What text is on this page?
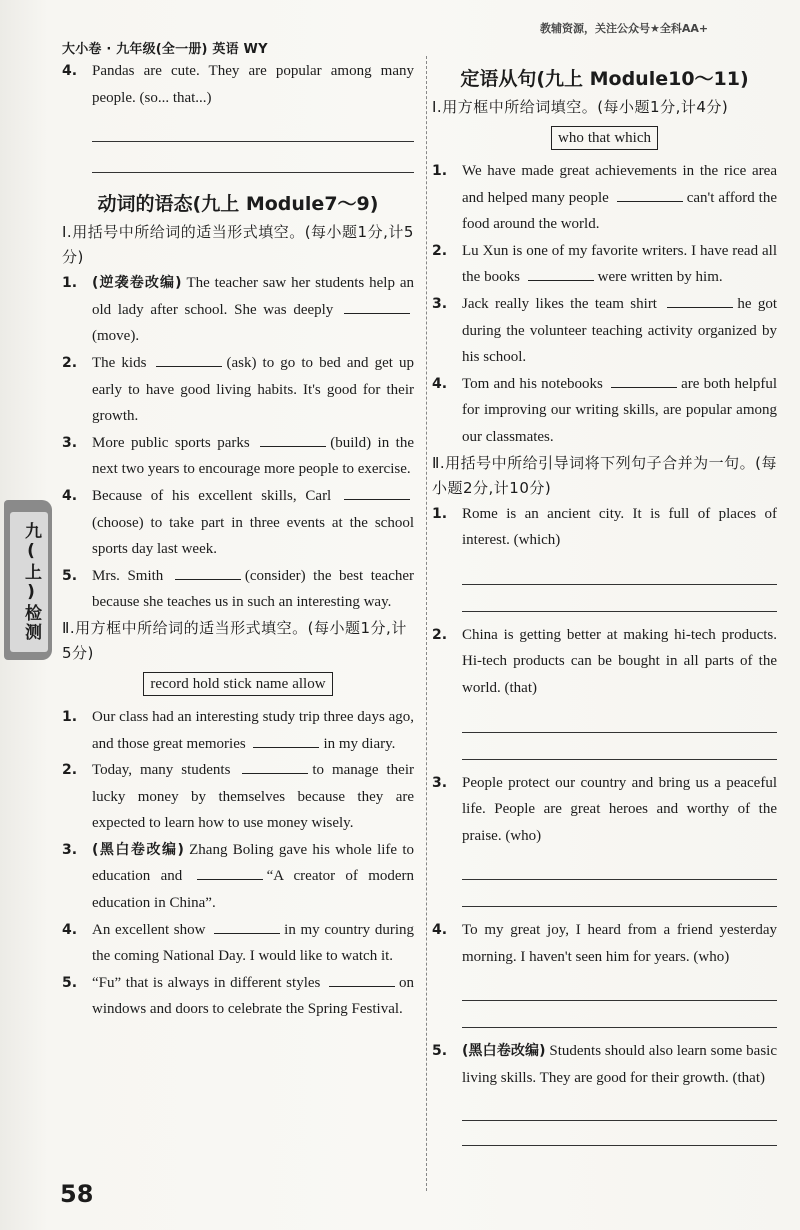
大小卷 · 九年级(全一册) 英语 WY
教辅资源，关注公众号★全科AA+
九(上)检测
4. Pandas are cute. They are popular among many people. (so... that...)
动词的语态(九上 Module7～9)
Ⅰ.用括号中所给词的适当形式填空。(每小题1分,计5分)
1. (逆袭卷改编) The teacher saw her students help an old lady after school. She was deeply (move).
2. The kids	(ask) to go to bed and get up early to have good living habits. It's good for their growth.
3. More public sports parks	(build) in the next two years to encourage more people to exercise.
4. Because of his excellent skills, Carl (choose) to take part in three events at the school sports day last week.
5. Mrs. Smith	(consider) the best teacher because she teaches us in such an interesting way.
Ⅱ.用方框中所给词的适当形式填空。(每小题1分,计5分)
record hold stick name allow
1. Our class had an interesting study trip three days ago, and those great memories	in my diary.
2. Today, many students	to manage their lucky money by themselves because they are expected to learn how to use money wisely.
3. (黑白卷改编) Zhang Boling gave his whole life to education and	“A creator of modern education in China”.
4. An excellent show	in my country during the coming National Day. I would like to watch it.
5. “Fu” that is always in different styles	on windows and doors to celebrate the Spring Festival.
定语从句(九上 Module10～11)
Ⅰ.用方框中所给词填空。(每小题1分,计4分)
who that which
1. We have made great achievements in the rice area and helped many people	can't afford the food around the world.
2. Lu Xun is one of my favorite writers. I have read all the books	were written by him.
3. Jack really likes the team shirt	he got during the volunteer teaching activity organized by his school.
4. Tom and his notebooks	are both helpful for improving our writing skills, are popular among our classmates.
Ⅱ.用括号中所给引导词将下列句子合并为一句。(每小题2分,计10分)
1. Rome is an ancient city. It is full of places of interest. (which)
2. China is getting better at making hi-tech products. Hi-tech products can be bought in all parts of the world. (that)
3. People protect our country and bring us a peaceful life. People are great heroes and worthy of the praise. (who)
4. To my great joy, I heard from a friend yesterday morning. I haven't seen him for years. (who)
5. (黑白卷改编) Students should also learn some basic living skills. They are good for their growth. (that)
58
